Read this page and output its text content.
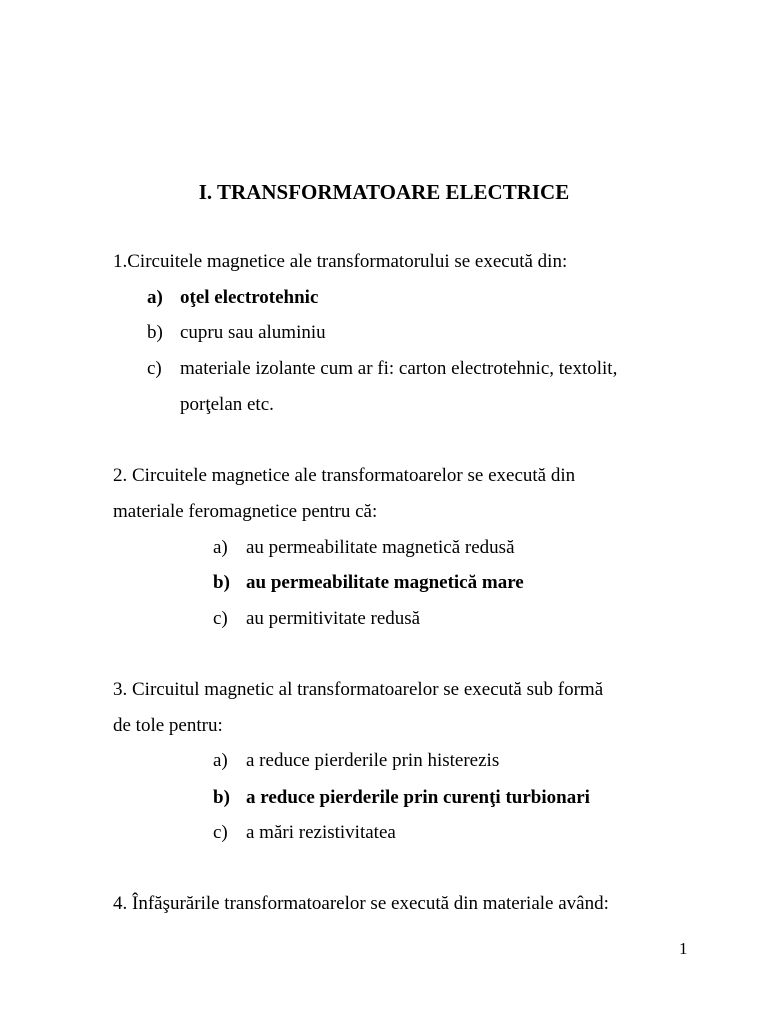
I. TRANSFORMATOARE ELECTRICE
1.Circuitele magnetice ale transformatorului se execută din:
a) oţel electrotehnic
b) cupru sau aluminiu
c) materiale izolante cum ar fi: carton electrotehnic, textolit,
porţelan etc.
2. Circuitele magnetice ale transformatoarelor se execută din
materiale feromagnetice pentru că:
a) au permeabilitate magnetică redusă
b) au permeabilitate magnetică mare
c) au permitivitate redusă
3. Circuitul magnetic al transformatoarelor se execută sub formă
de tole pentru:
a) a reduce pierderile prin histerezis
b) a reduce pierderile prin curenţi turbionari
c) a mări rezistivitatea
4. Înfăşurările transformatoarelor se execută din materiale având:
1
